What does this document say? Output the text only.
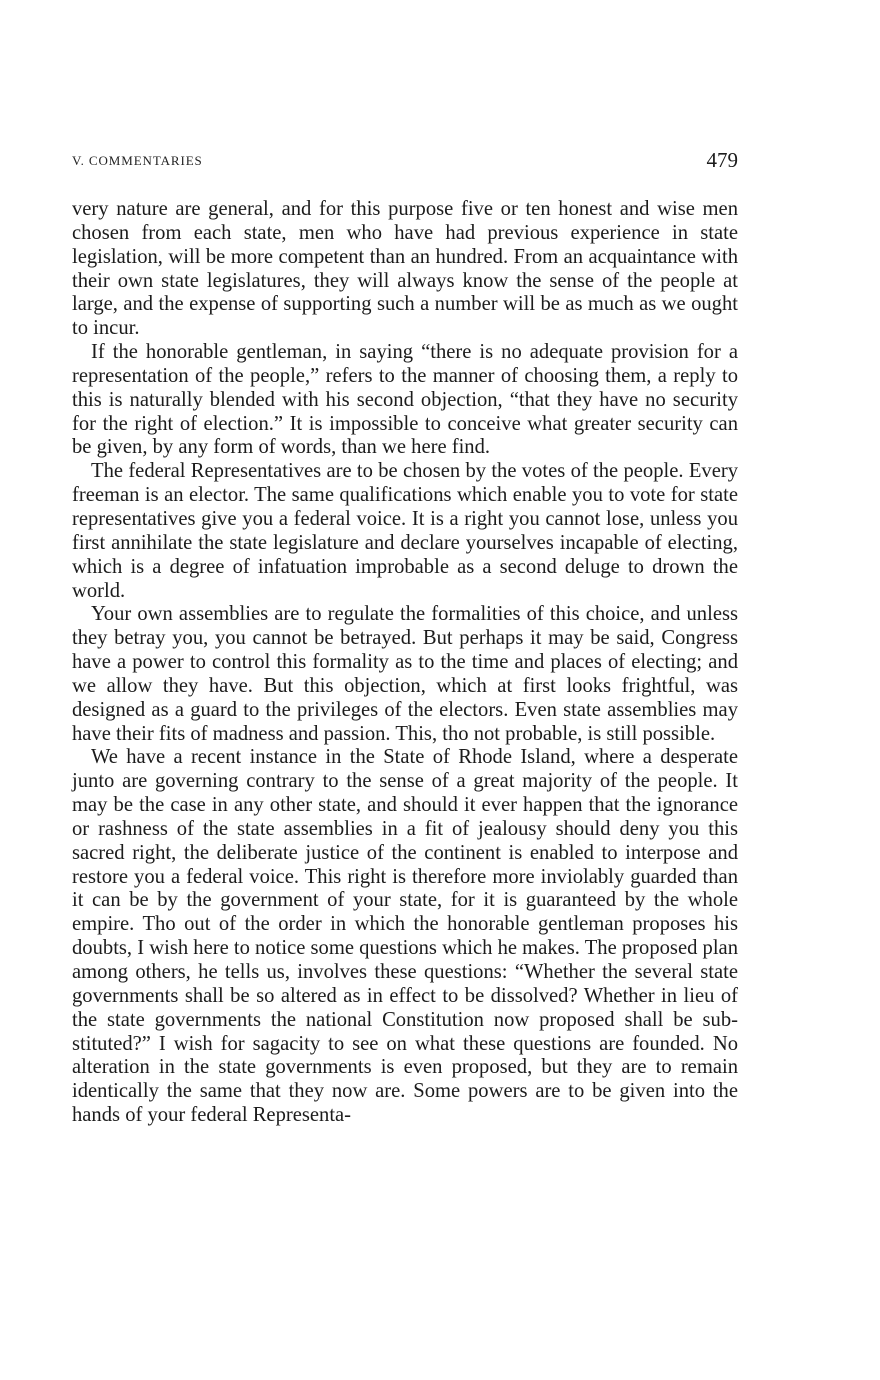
V. COMMENTARIES	479

very nature are general, and for this purpose five or ten honest and wise men chosen from each state, men who have had previous experience in state legislation, will be more competent than an hundred. From an acquaintance with their own state legislatures, they will always know the sense of the people at large, and the expense of supporting such a number will be as much as we ought to incur.

If the honorable gentleman, in saying “there is no adequate provision for a representation of the people,” refers to the manner of choosing them, a reply to this is naturally blended with his second objection, “that they have no security for the right of election.” It is impossible to conceive what greater security can be given, by any form of words, than we here find.

The federal Representatives are to be chosen by the votes of the people. Every freeman is an elector. The same qualifications which enable you to vote for state representatives give you a federal voice. It is a right you cannot lose, unless you first annihilate the state legislature and declare yourselves incapable of electing, which is a degree of infatuation improbable as a second deluge to drown the world.

Your own assemblies are to regulate the formalities of this choice, and unless they betray you, you cannot be betrayed. But perhaps it may be said, Congress have a power to control this formality as to the time and places of electing; and we allow they have. But this objection, which at first looks frightful, was designed as a guard to the privileges of the electors. Even state assemblies may have their fits of madness and passion. This, tho not probable, is still possible.

We have a recent instance in the State of Rhode Island, where a desperate junto are governing contrary to the sense of a great majority of the people. It may be the case in any other state, and should it ever happen that the ignorance or rashness of the state assemblies in a fit of jealousy should deny you this sacred right, the deliberate justice of the continent is enabled to interpose and restore you a federal voice. This right is therefore more inviolably guarded than it can be by the government of your state, for it is guaranteed by the whole empire. Tho out of the order in which the honorable gentleman proposes his doubts, I wish here to notice some questions which he makes. The proposed plan among others, he tells us, involves these questions: “Whether the several state governments shall be so altered as in effect to be dissolved? Whether in lieu of the state governments the national Constitution now proposed shall be substituted?” I wish for sagacity to see on what these questions are founded. No alteration in the state governments is even proposed, but they are to remain identically the same that they now are. Some powers are to be given into the hands of your federal Representa-
